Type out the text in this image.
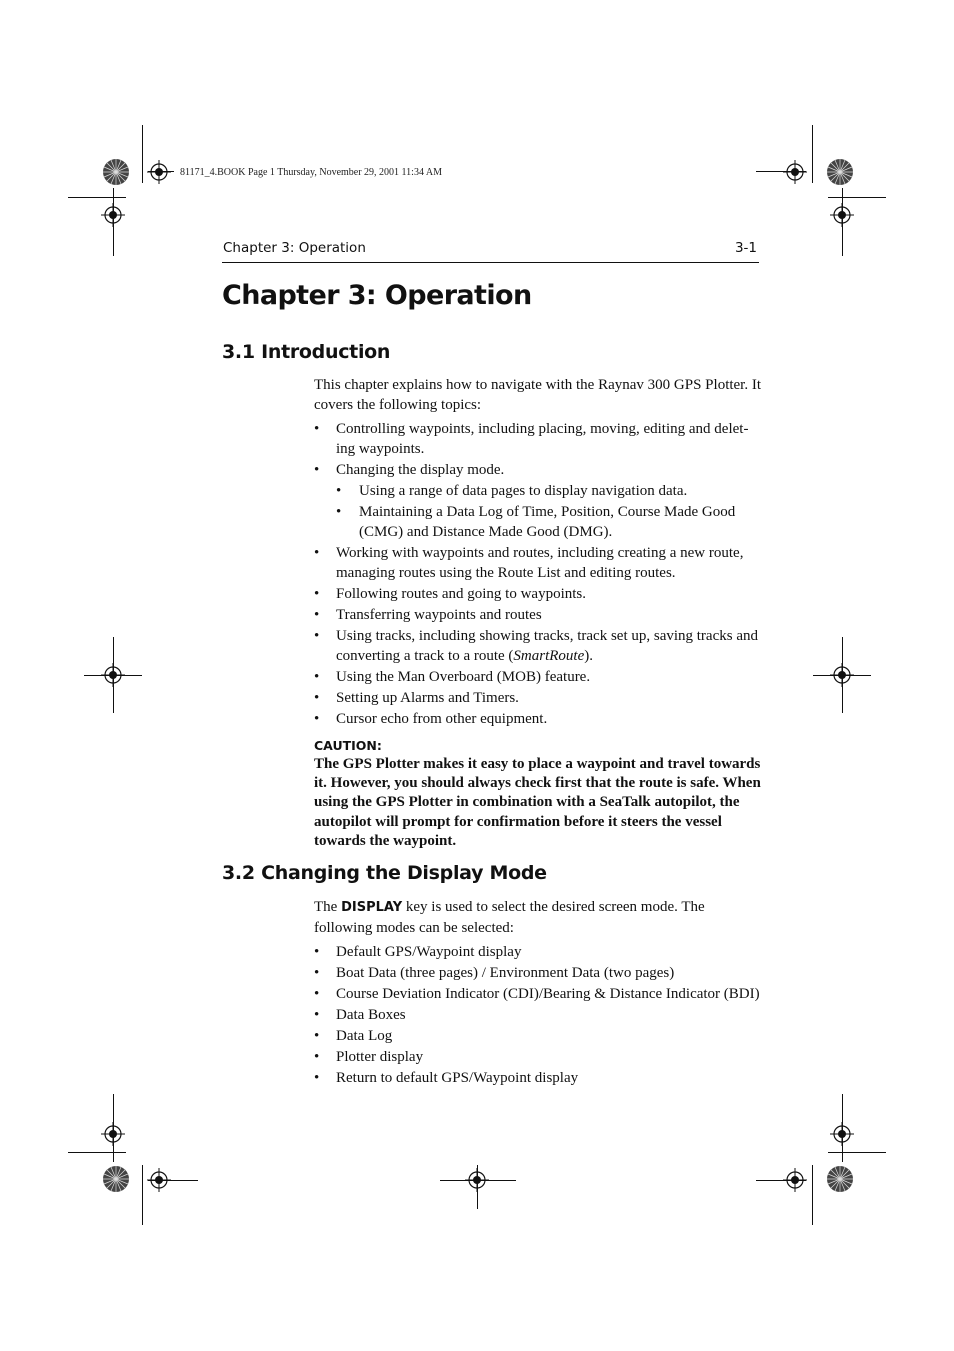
81171_4.BOOK Page 1 Thursday, November 29, 2001 11:34 AM
Chapter 3: Operation	3-1
Chapter 3: Operation
3.1 Introduction

This chapter explains how to navigate with the Raynav 300 GPS Plotter. It covers the following topics:

• Controlling waypoints, including placing, moving, editing and delet-ing waypoints.
• Changing the display mode.
• Using a range of data pages to display navigation data.
• Maintaining a Data Log of Time, Position, Course Made Good (CMG) and Distance Made Good (DMG).
• Working with waypoints and routes, including creating a new route, managing routes using the Route List and editing routes.
• Following routes and going to waypoints.
• Transferring waypoints and routes
• Using tracks, including showing tracks, track set up, saving tracks and converting a track to a route (SmartRoute).
• Using the Man Overboard (MOB) feature.
• Setting up Alarms and Timers.
• Cursor echo from other equipment.

CAUTION:

The GPS Plotter makes it easy to place a waypoint and travel towards it. However, you should always check first that the route is safe. When using the GPS Plotter in combination with a SeaTalk autopilot, the autopilot will prompt for confirmation before it steers the vessel towards the waypoint.

3.2 Changing the Display Mode

The DISPLAY key is used to select the desired screen mode. The following modes can be selected:

• Default GPS/Waypoint display
• Boat Data (three pages) / Environment Data (two pages)
• Course Deviation Indicator (CDI)/Bearing & Distance Indicator (BDI)
• Data Boxes
• Data Log
• Plotter display
• Return to default GPS/Waypoint display
